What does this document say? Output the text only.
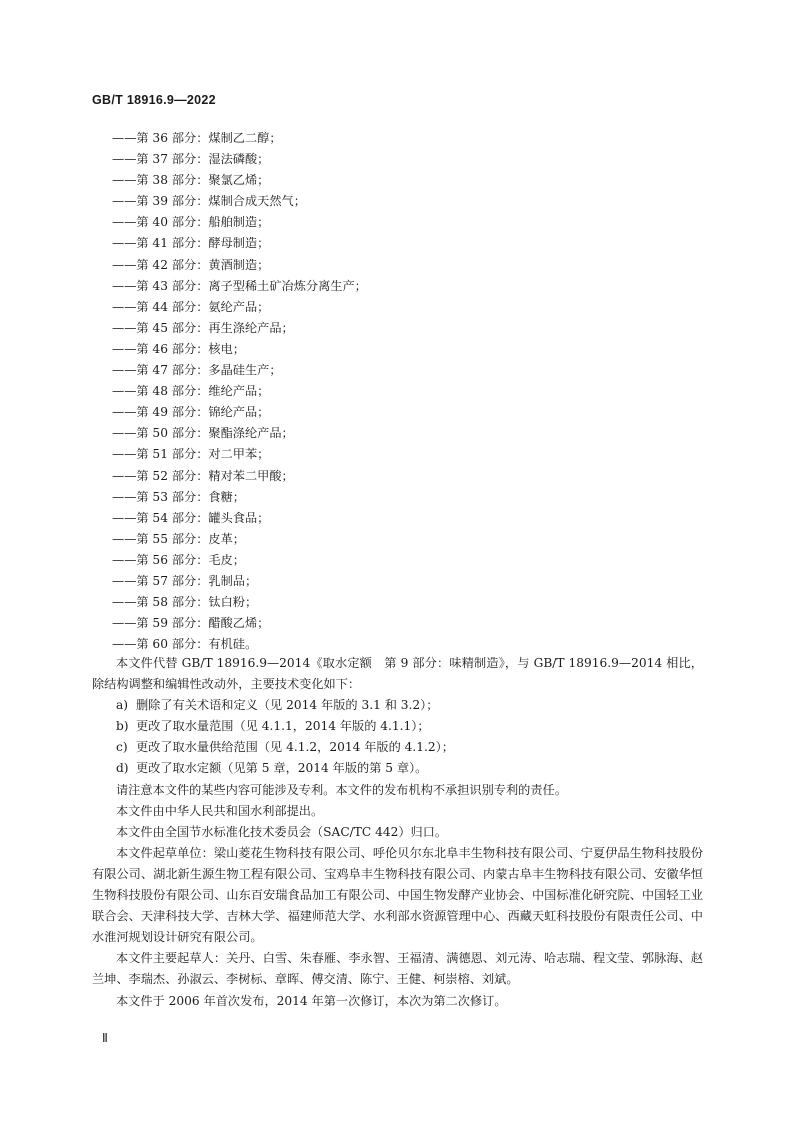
GB/T 18916.9—2022
——第 36 部分：煤制乙二醇；
——第 37 部分：湿法磷酸；
——第 38 部分：聚氯乙烯；
——第 39 部分：煤制合成天然气；
——第 40 部分：船舶制造；
——第 41 部分：酵母制造；
——第 42 部分：黄酒制造；
——第 43 部分：离子型稀土矿冶炼分离生产；
——第 44 部分：氨纶产品；
——第 45 部分：再生涤纶产品；
——第 46 部分：核电；
——第 47 部分：多晶硅生产；
——第 48 部分：维纶产品；
——第 49 部分：锦纶产品；
——第 50 部分：聚酯涤纶产品；
——第 51 部分：对二甲苯；
——第 52 部分：精对苯二甲酸；
——第 53 部分：食糖；
——第 54 部分：罐头食品；
——第 55 部分：皮革；
——第 56 部分：毛皮；
——第 57 部分：乳制品；
——第 58 部分：钛白粉；
——第 59 部分：醋酸乙烯；
——第 60 部分：有机硅。

本文件代替 GB/T 18916.9—2014《取水定额　第 9 部分：味精制造》，与 GB/T 18916.9—2014 相比，除结构调整和编辑性改动外，主要技术变化如下：

a) 删除了有关术语和定义（见 2014 年版的 3.1 和 3.2）；

b) 更改了取水量范围（见 4.1.1，2014 年版的 4.1.1）；

c) 更改了取水量供给范围（见 4.1.2，2014 年版的 4.1.2）；

d) 更改了取水定额（见第 5 章，2014 年版的第 5 章）。

请注意本文件的某些内容可能涉及专利。本文件的发布机构不承担识别专利的责任。

本文件由中华人民共和国水利部提出。

本文件由全国节水标准化技术委员会（SAC/TC 442）归口。

本文件起草单位：梁山菱花生物科技有限公司、呼伦贝尔东北阜丰生物科技有限公司、宁夏伊品生物科技股份有限公司、湖北新生源生物工程有限公司、宝鸡阜丰生物科技有限公司、内蒙古阜丰生物科技有限公司、安徽华恒生物科技股份有限公司、山东百安瑞食品加工有限公司、中国生物发酵产业协会、中国标准化研究院、中国轻工业联合会、天津科技大学、吉林大学、福建师范大学、水利部水资源管理中心、西藏天虹科技股份有限责任公司、中水淮河规划设计研究有限公司。

本文件主要起草人：关丹、白雪、朱春雁、李永智、王福清、满德恩、刘元涛、哈志瑞、程文莹、郭脉海、赵兰坤、李瑞杰、孙淑云、李树标、章晖、傅交清、陈宁、王健、柯崇榕、刘斌。

本文件于 2006 年首次发布，2014 年第一次修订，本次为第二次修订。

Ⅱ
